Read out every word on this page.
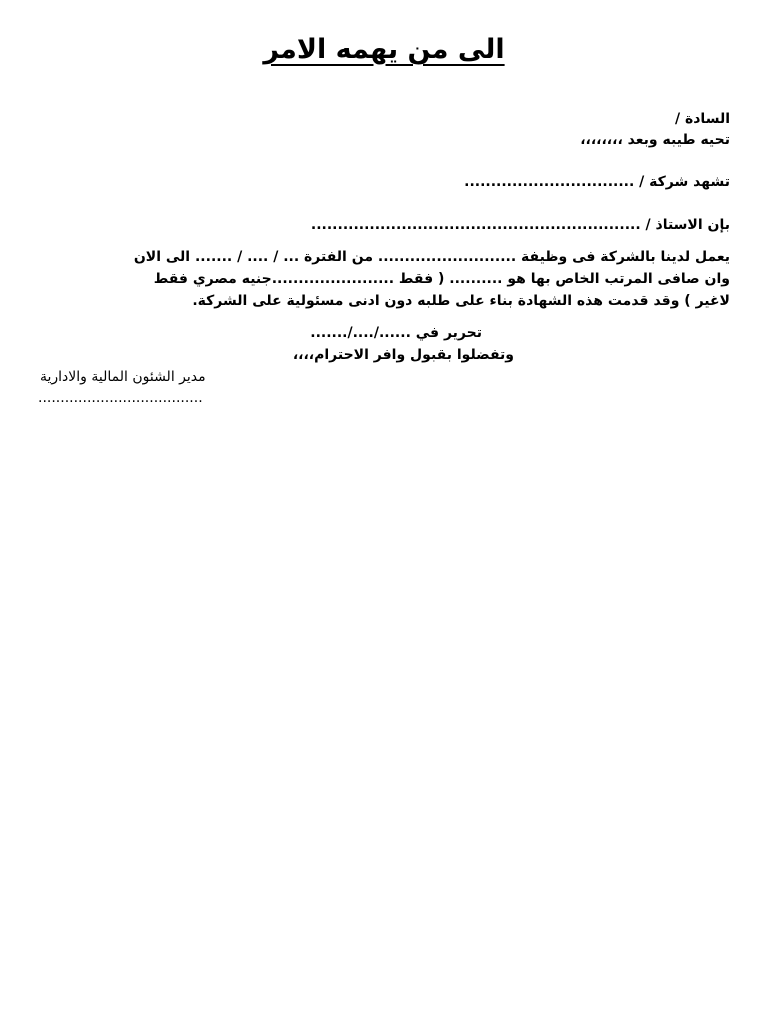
الى من يهمه الامر
السادة /
تحيه طيبه وبعد ،،،،،،،،
تشهد شركة / ................................
بإن الاستاذ / ..............................................................
يعمل لدينا بالشركة فى وظيفة .......................... من الفترة ... / .... / ....... الى الان
وان صافى المرتب الخاص بها هو .......... ( فقط .......................جنيه مصري فقط
لاغير ) وقد قدمت هذه الشهادة بناء على طلبه دون ادنى مسئولية على الشركة.
تحرير في ....../..../.......
وتفضلوا بقبول وافر الاحترام،،،،
مدير الشئون المالية والادارية
.....................................
